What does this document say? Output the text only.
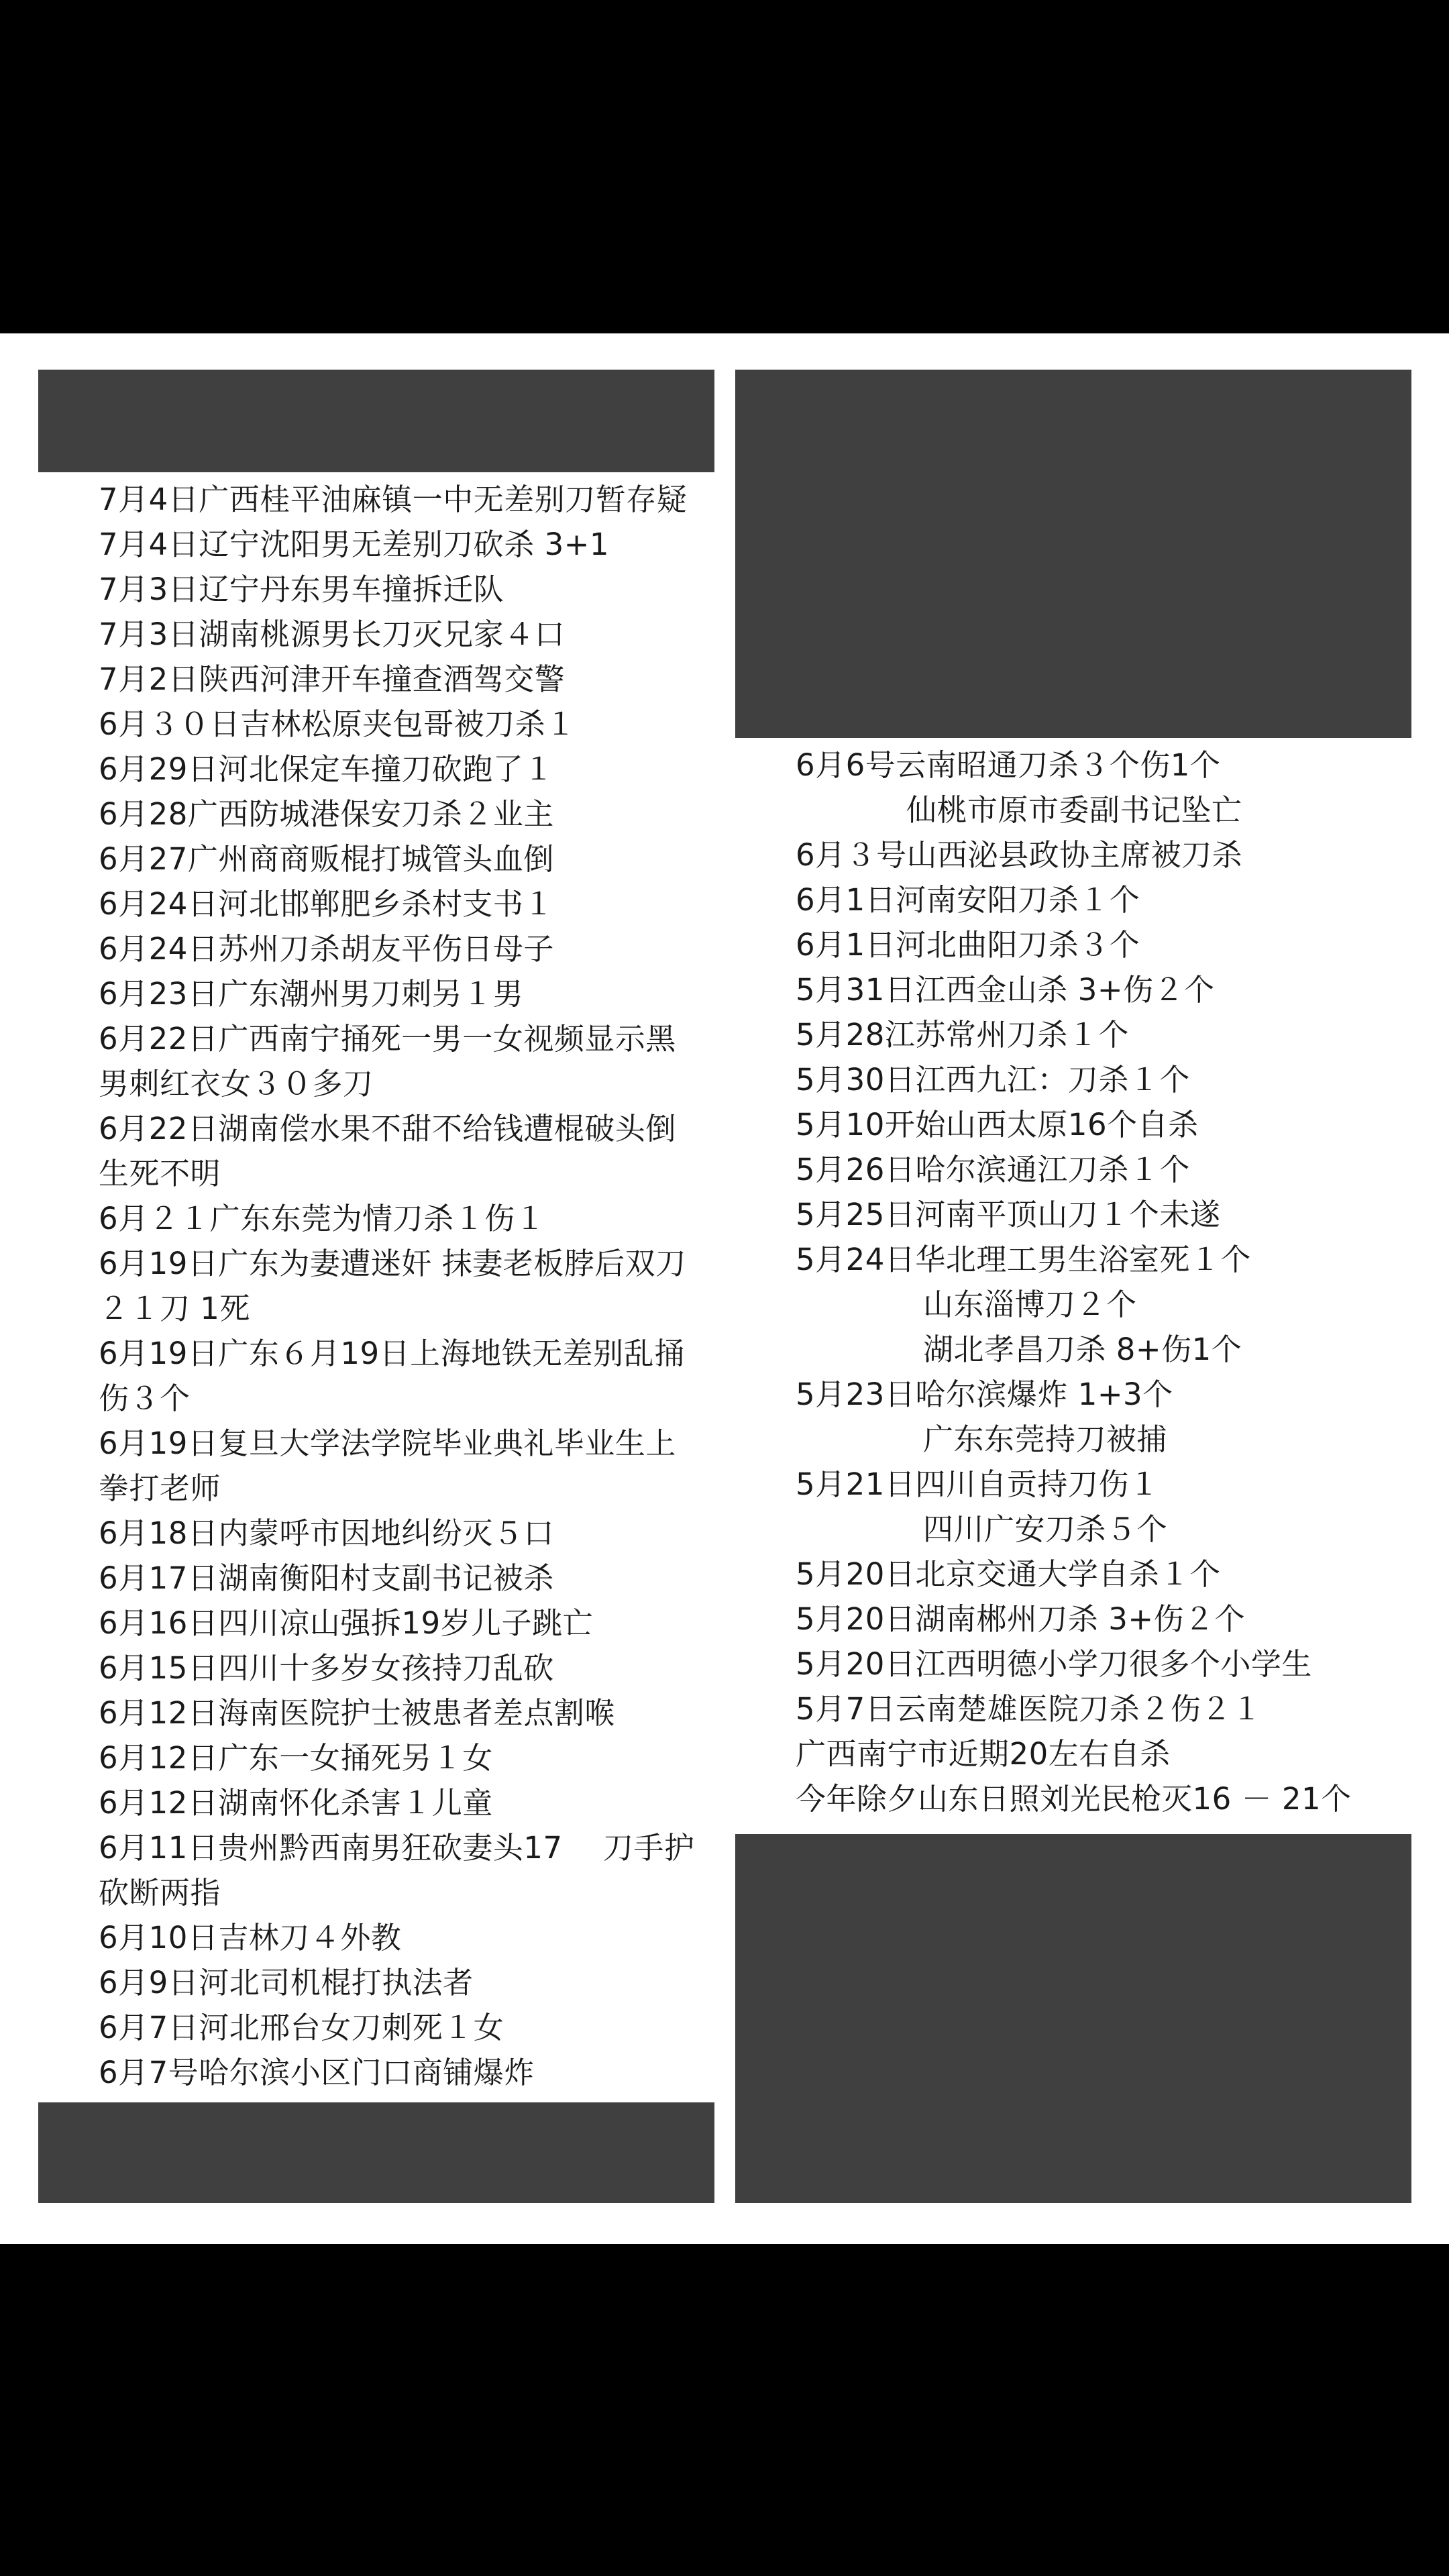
7月4日广西桂平油麻镇一中无差别刀暂存疑
7月4日辽宁沈阳男无差别刀砍杀 3+1
7月3日辽宁丹东男车撞拆迁队
7月3日湖南桃源男长刀灭兄家４口
7月2日陕西河津开车撞查酒驾交警
6月３０日吉林松原夹包哥被刀杀１
6月29日河北保定车撞刀砍跑了１
6月28广西防城港保安刀杀２业主
6月27广州商商贩棍打城管头血倒
6月24日河北邯郸肥乡杀村支书１
6月24日苏州刀杀胡友平伤日母子
6月23日广东潮州男刀刺另１男
6月22日广西南宁捅死一男一女视频显示黑
男刺红衣女３０多刀
6月22日湖南偿水果不甜不给钱遭棍破头倒
生死不明
6月２１广东东莞为情刀杀１伤１
6月19日广东为妻遭迷奸 抹妻老板脖后双刀
２１刀 1死
6月19日广东６月19日上海地铁无差别乱捅
伤３个
6月19日复旦大学法学院毕业典礼毕业生上
拳打老师
6月18日内蒙呼市因地纠纷灭５口
6月17日湖南衡阳村支副书记被杀
6月16日四川凉山强拆19岁儿子跳亡
6月15日四川十多岁女孩持刀乱砍
6月12日海南医院护士被患者差点割喉
6月12日广东一女捅死另１女
6月12日湖南怀化杀害１儿童
6月11日贵州黔西南男狂砍妻头17　 刀手护
砍断两指
6月10日吉林刀４外教
6月9日河北司机棍打执法者
6月7日河北邢台女刀刺死１女
6月7号哈尔滨小区门口商铺爆炸
6月6号云南昭通刀杀３个伤1个
仙桃市原市委副书记坠亡
6月３号山西泌县政协主席被刀杀
6月1日河南安阳刀杀１个
6月1日河北曲阳刀杀３个
5月31日江西金山杀 3+伤２个
5月28江苏常州刀杀１个
5月30日江西九江：刀杀１个
5月10开始山西太原16个自杀
5月26日哈尔滨通江刀杀１个
5月25日河南平顶山刀１个未遂
5月24日华北理工男生浴室死１个
山东淄博刀２个
湖北孝昌刀杀 8+伤1个
5月23日哈尔滨爆炸 1+3个
广东东莞持刀被捕
5月21日四川自贡持刀伤１
四川广安刀杀５个
5月20日北京交通大学自杀１个
5月20日湖南郴州刀杀 3+伤２个
5月20日江西明德小学刀很多个小学生
5月7日云南楚雄医院刀杀２伤２１
广西南宁市近期20左右自杀
今年除夕山东日照刘光民枪灭16 － 21个
